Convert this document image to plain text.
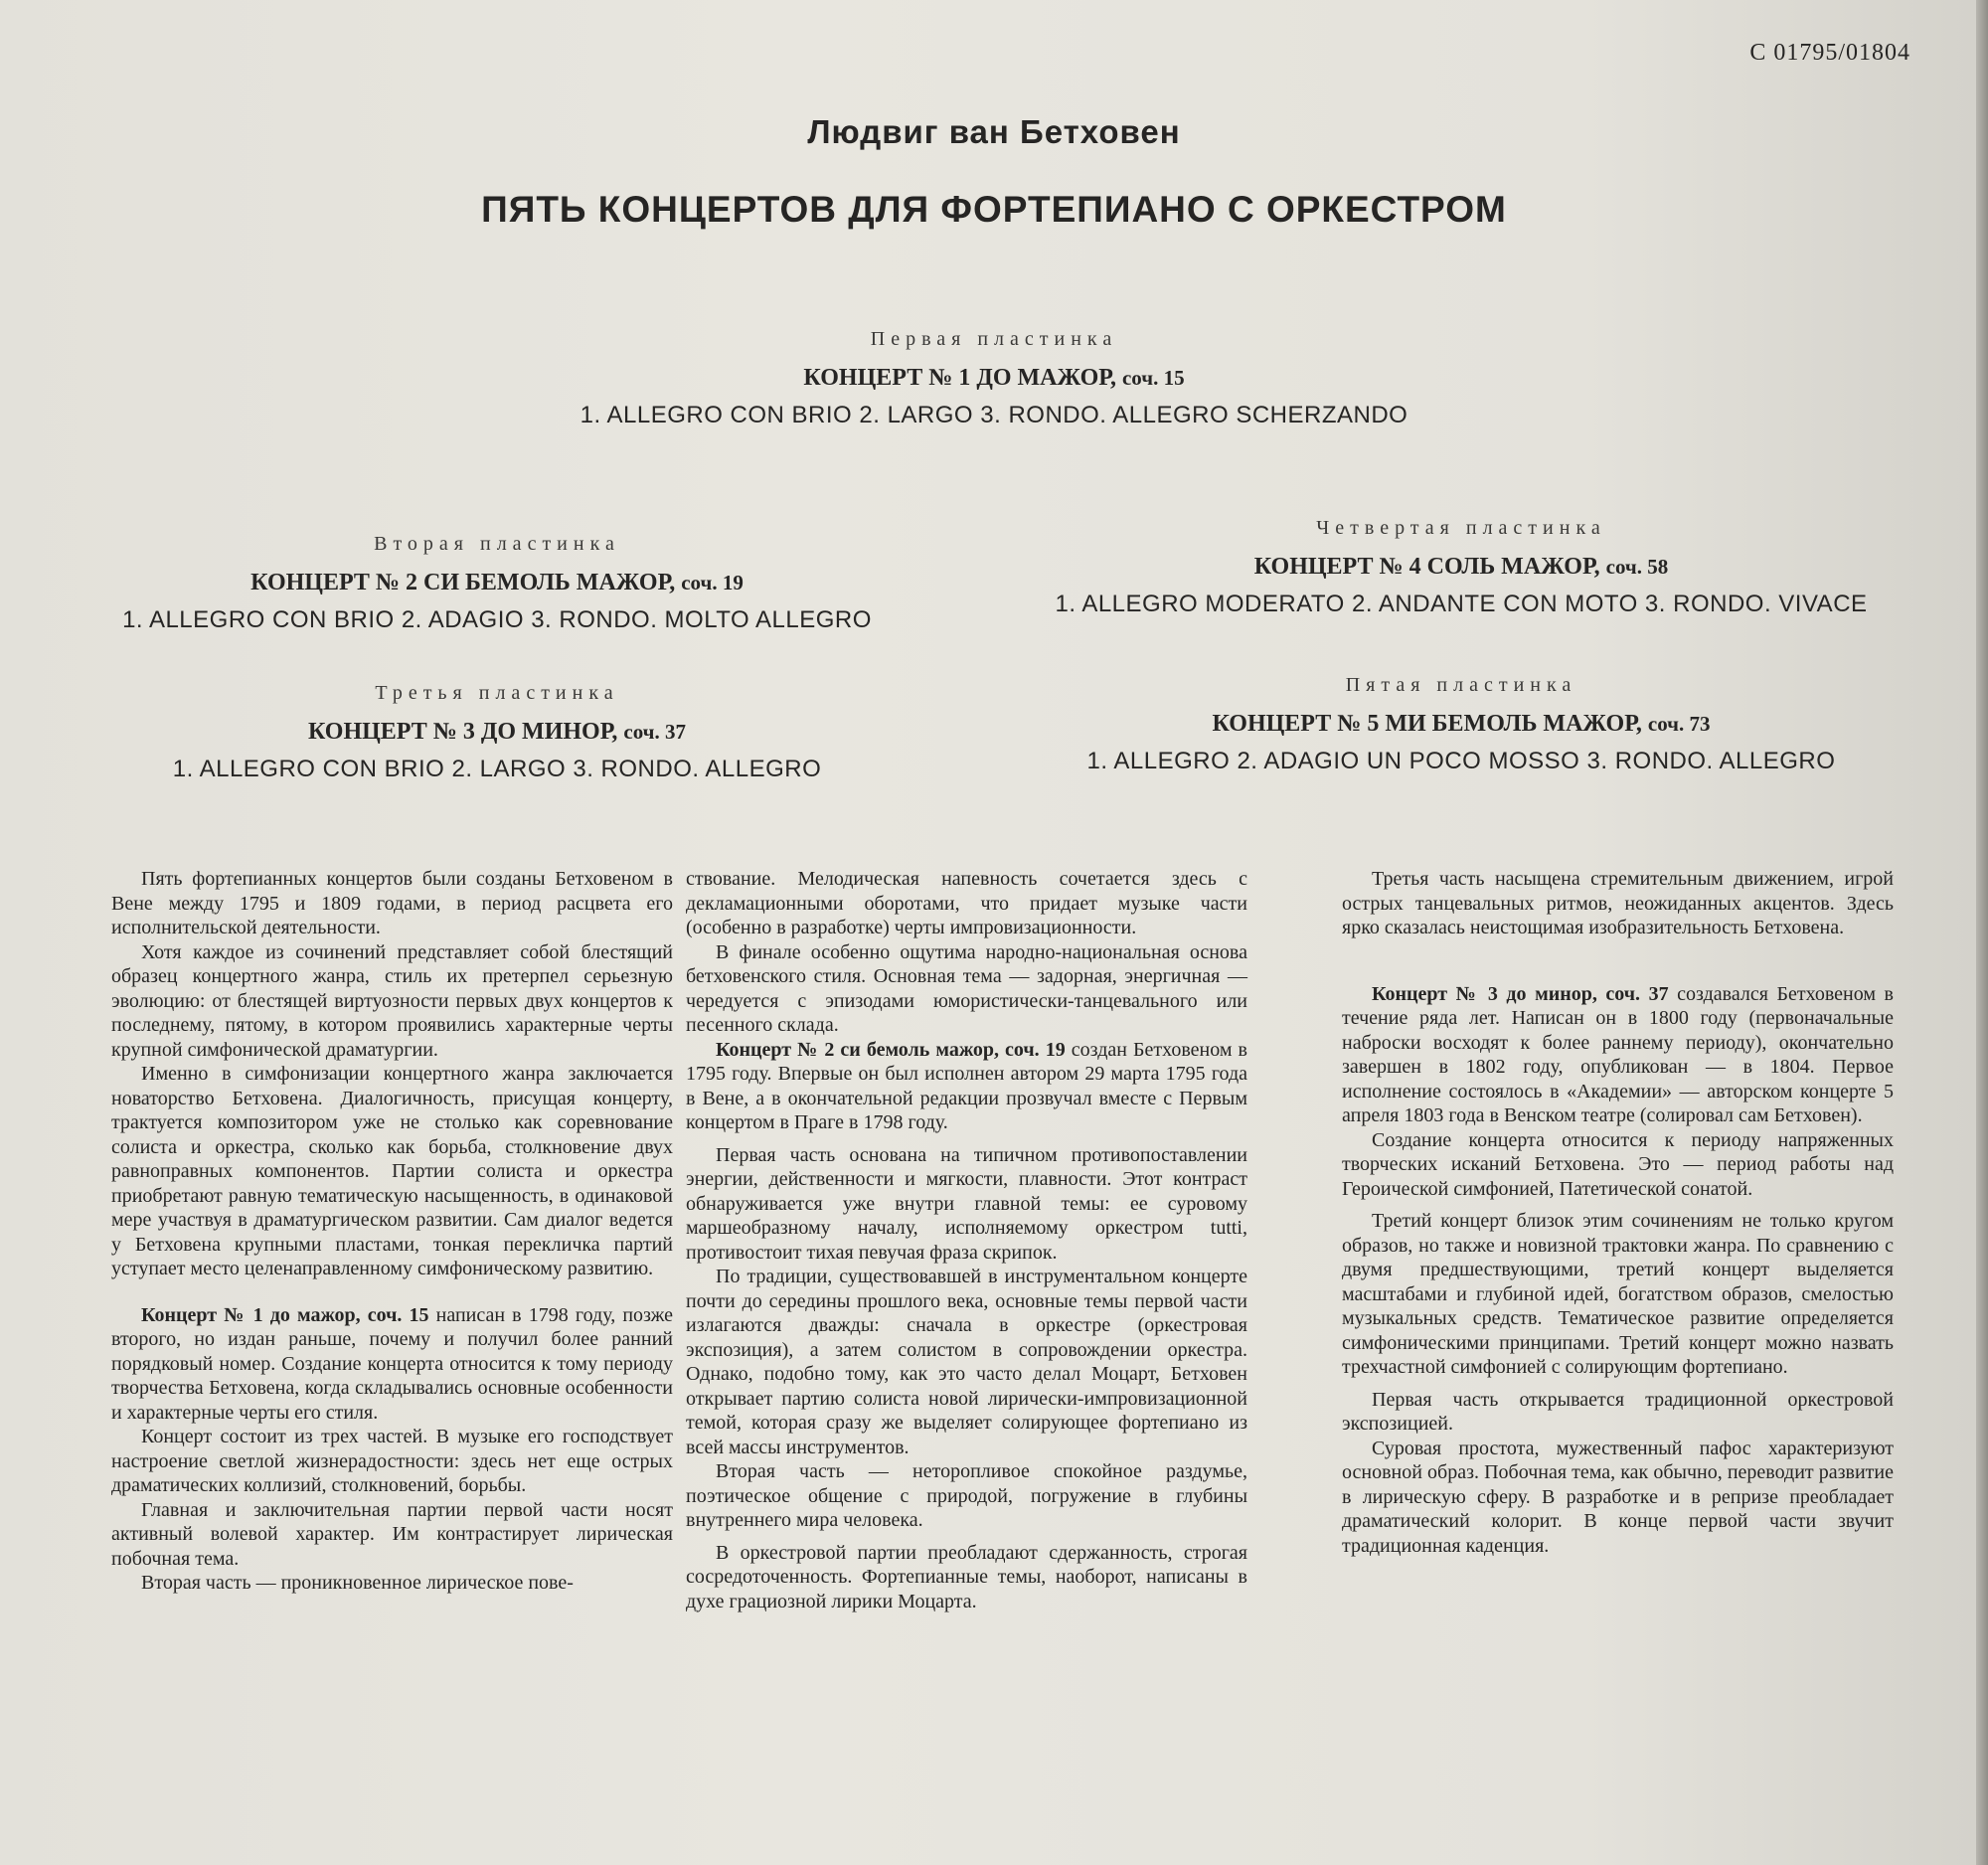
С 01795/01804
Людвиг ван Бетховен
ПЯТЬ КОНЦЕРТОВ ДЛЯ ФОРТЕПИАНО С ОРКЕСТРОМ
Первая пластинка
КОНЦЕРТ № 1 ДО МАЖОР, соч. 15
1. ALLEGRO CON BRIO 2. LARGO 3. RONDO. ALLEGRO SCHERZANDO
Вторая пластинка
КОНЦЕРТ № 2 СИ БЕМОЛЬ МАЖОР, соч. 19
1. ALLEGRO CON BRIO 2. ADAGIO 3. RONDO. MOLTO ALLEGRO
Третья пластинка
КОНЦЕРТ № 3 ДО МИНОР, соч. 37
1. ALLEGRO CON BRIO 2. LARGO 3. RONDO. ALLEGRO
Четвертая пластинка
КОНЦЕРТ № 4 СОЛЬ МАЖОР, соч. 58
1. ALLEGRO MODERATO 2. ANDANTE CON MOTO 3. RONDO. VIVACE
Пятая пластинка
КОНЦЕРТ № 5 МИ БЕМОЛЬ МАЖОР, соч. 73
1. ALLEGRO 2. ADAGIO UN POCO MOSSO 3. RONDO. ALLEGRO

Пять фортепианных концертов были созданы Бетховеном в Вене между 1795 и 1809 годами, в период расцвета его исполнительской деятельности.

Хотя каждое из сочинений представляет собой блестящий образец концертного жанра, стиль их претерпел серьезную эволюцию: от блестящей виртуозности первых двух концертов к последнему, пятому, в котором проявились характерные черты крупной симфонической драматургии.

Именно в симфонизации концертного жанра заключается новаторство Бетховена. Диалогичность, присущая концерту, трактуется композитором уже не столько как соревнование солиста и оркестра, сколько как борьба, столкновение двух равноправных компонентов. Партии солиста и оркестра приобретают равную тематическую насыщенность, в одинаковой мере участвуя в драматургическом развитии. Сам диалог ведется у Бетховена крупными пластами, тонкая перекличка партий уступает место целенаправленному симфоническому развитию.

Концерт № 1 до мажор, соч. 15 написан в 1798 году, позже второго, но издан раньше, почему и получил более ранний порядковый номер. Создание концерта относится к тому периоду творчества Бетховена, когда складывались основные особенности и характерные черты его стиля.

Концерт состоит из трех частей. В музыке его господствует настроение светлой жизнерадостности: здесь нет еще острых драматических коллизий, столкновений, борьбы.

Главная и заключительная партии первой части носят активный волевой характер. Им контрастирует лирическая побочная тема.

Вторая часть — проникновенное лирическое пове-

ствование. Мелодическая напевность сочетается здесь с декламационными оборотами, что придает музыке части (особенно в разработке) черты импровизационности.

В финале особенно ощутима народно-национальная основа бетховенского стиля. Основная тема — задорная, энергичная — чередуется с эпизодами юмористически-танцевального или песенного склада.

Концерт № 2 си бемоль мажор, соч. 19 создан Бетховеном в 1795 году. Впервые он был исполнен автором 29 марта 1795 года в Вене, а в окончательной редакции прозвучал вместе с Первым концертом в Праге в 1798 году.

Первая часть основана на типичном противопоставлении энергии, действенности и мягкости, плавности. Этот контраст обнаруживается уже внутри главной темы: ее суровому маршеобразному началу, исполняемому оркестром tutti, противостоит тихая певучая фраза скрипок.

По традиции, существовавшей в инструментальном концерте почти до середины прошлого века, основные темы первой части излагаются дважды: сначала в оркестре (оркестровая экспозиция), а затем солистом в сопровождении оркестра. Однако, подобно тому, как это часто делал Моцарт, Бетховен открывает партию солиста новой лирически-импровизационной темой, которая сразу же выделяет солирующее фортепиано из всей массы инструментов.

Вторая часть — неторопливое спокойное раздумье, поэтическое общение с природой, погружение в глубины внутреннего мира человека.

В оркестровой партии преобладают сдержанность, строгая сосредоточенность. Фортепианные темы, наоборот, написаны в духе грациозной лирики Моцарта.

Третья часть насыщена стремительным движением, игрой острых танцевальных ритмов, неожиданных акцентов. Здесь ярко сказалась неистощимая изобразительность Бетховена.

Концерт № 3 до минор, соч. 37 создавался Бетховеном в течение ряда лет. Написан он в 1800 году (первоначальные наброски восходят к более раннему периоду), окончательно завершен в 1802 году, опубликован — в 1804. Первое исполнение состоялось в «Академии» — авторском концерте 5 апреля 1803 года в Венском театре (солировал сам Бетховен).

Создание концерта относится к периоду напряженных творческих исканий Бетховена. Это — период работы над Героической симфонией, Патетической сонатой.

Третий концерт близок этим сочинениям не только кругом образов, но также и новизной трактовки жанра. По сравнению с двумя предшествующими, третий концерт выделяется масштабами и глубиной идей, богатством образов, смелостью музыкальных средств. Тематическое развитие определяется симфоническими принципами. Третий концерт можно назвать трехчастной симфонией с солирующим фортепиано.

Первая часть открывается традиционной оркестровой экспозицией.

Суровая простота, мужественный пафос характеризуют основной образ. Побочная тема, как обычно, переводит развитие в лирическую сферу. В разработке и в репризе преобладает драматический колорит. В конце первой части звучит традиционная каденция.
